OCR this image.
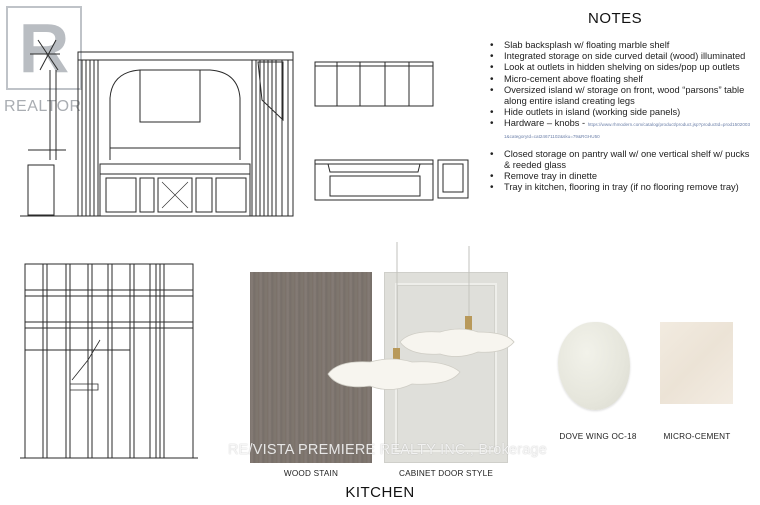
R
REALTOR
NOTES
• Slab backsplash w/ floating marble shelf
• Integrated storage on side curved detail (wood) illuminated
• Look at outlets in hidden shelving on sides/pop up outlets
• Micro-cement above floating shelf
• Oversized island w/ storage on front, wood “parsons” table along entire island creating legs
• Hide outlets in island (working side panels)
• Hardware – knobs - https://www.rhmodern.com/catalog/product/product.jsp?productId=prod15020031&categoryId=cat24671102&sku=79&RGHU50
• Closed storage on pantry wall w/ one vertical shelf w/ pucks & reeded glass
• Remove tray in dinette
• Tray in kitchen, flooring in tray (if no flooring remove tray)
WOOD STAIN	CABINET DOOR STYLE
DOVE WING OC-18	MICRO-CEMENT
KITCHEN
RE/VISTA PREMIERE REALTY INC., Brokerage
